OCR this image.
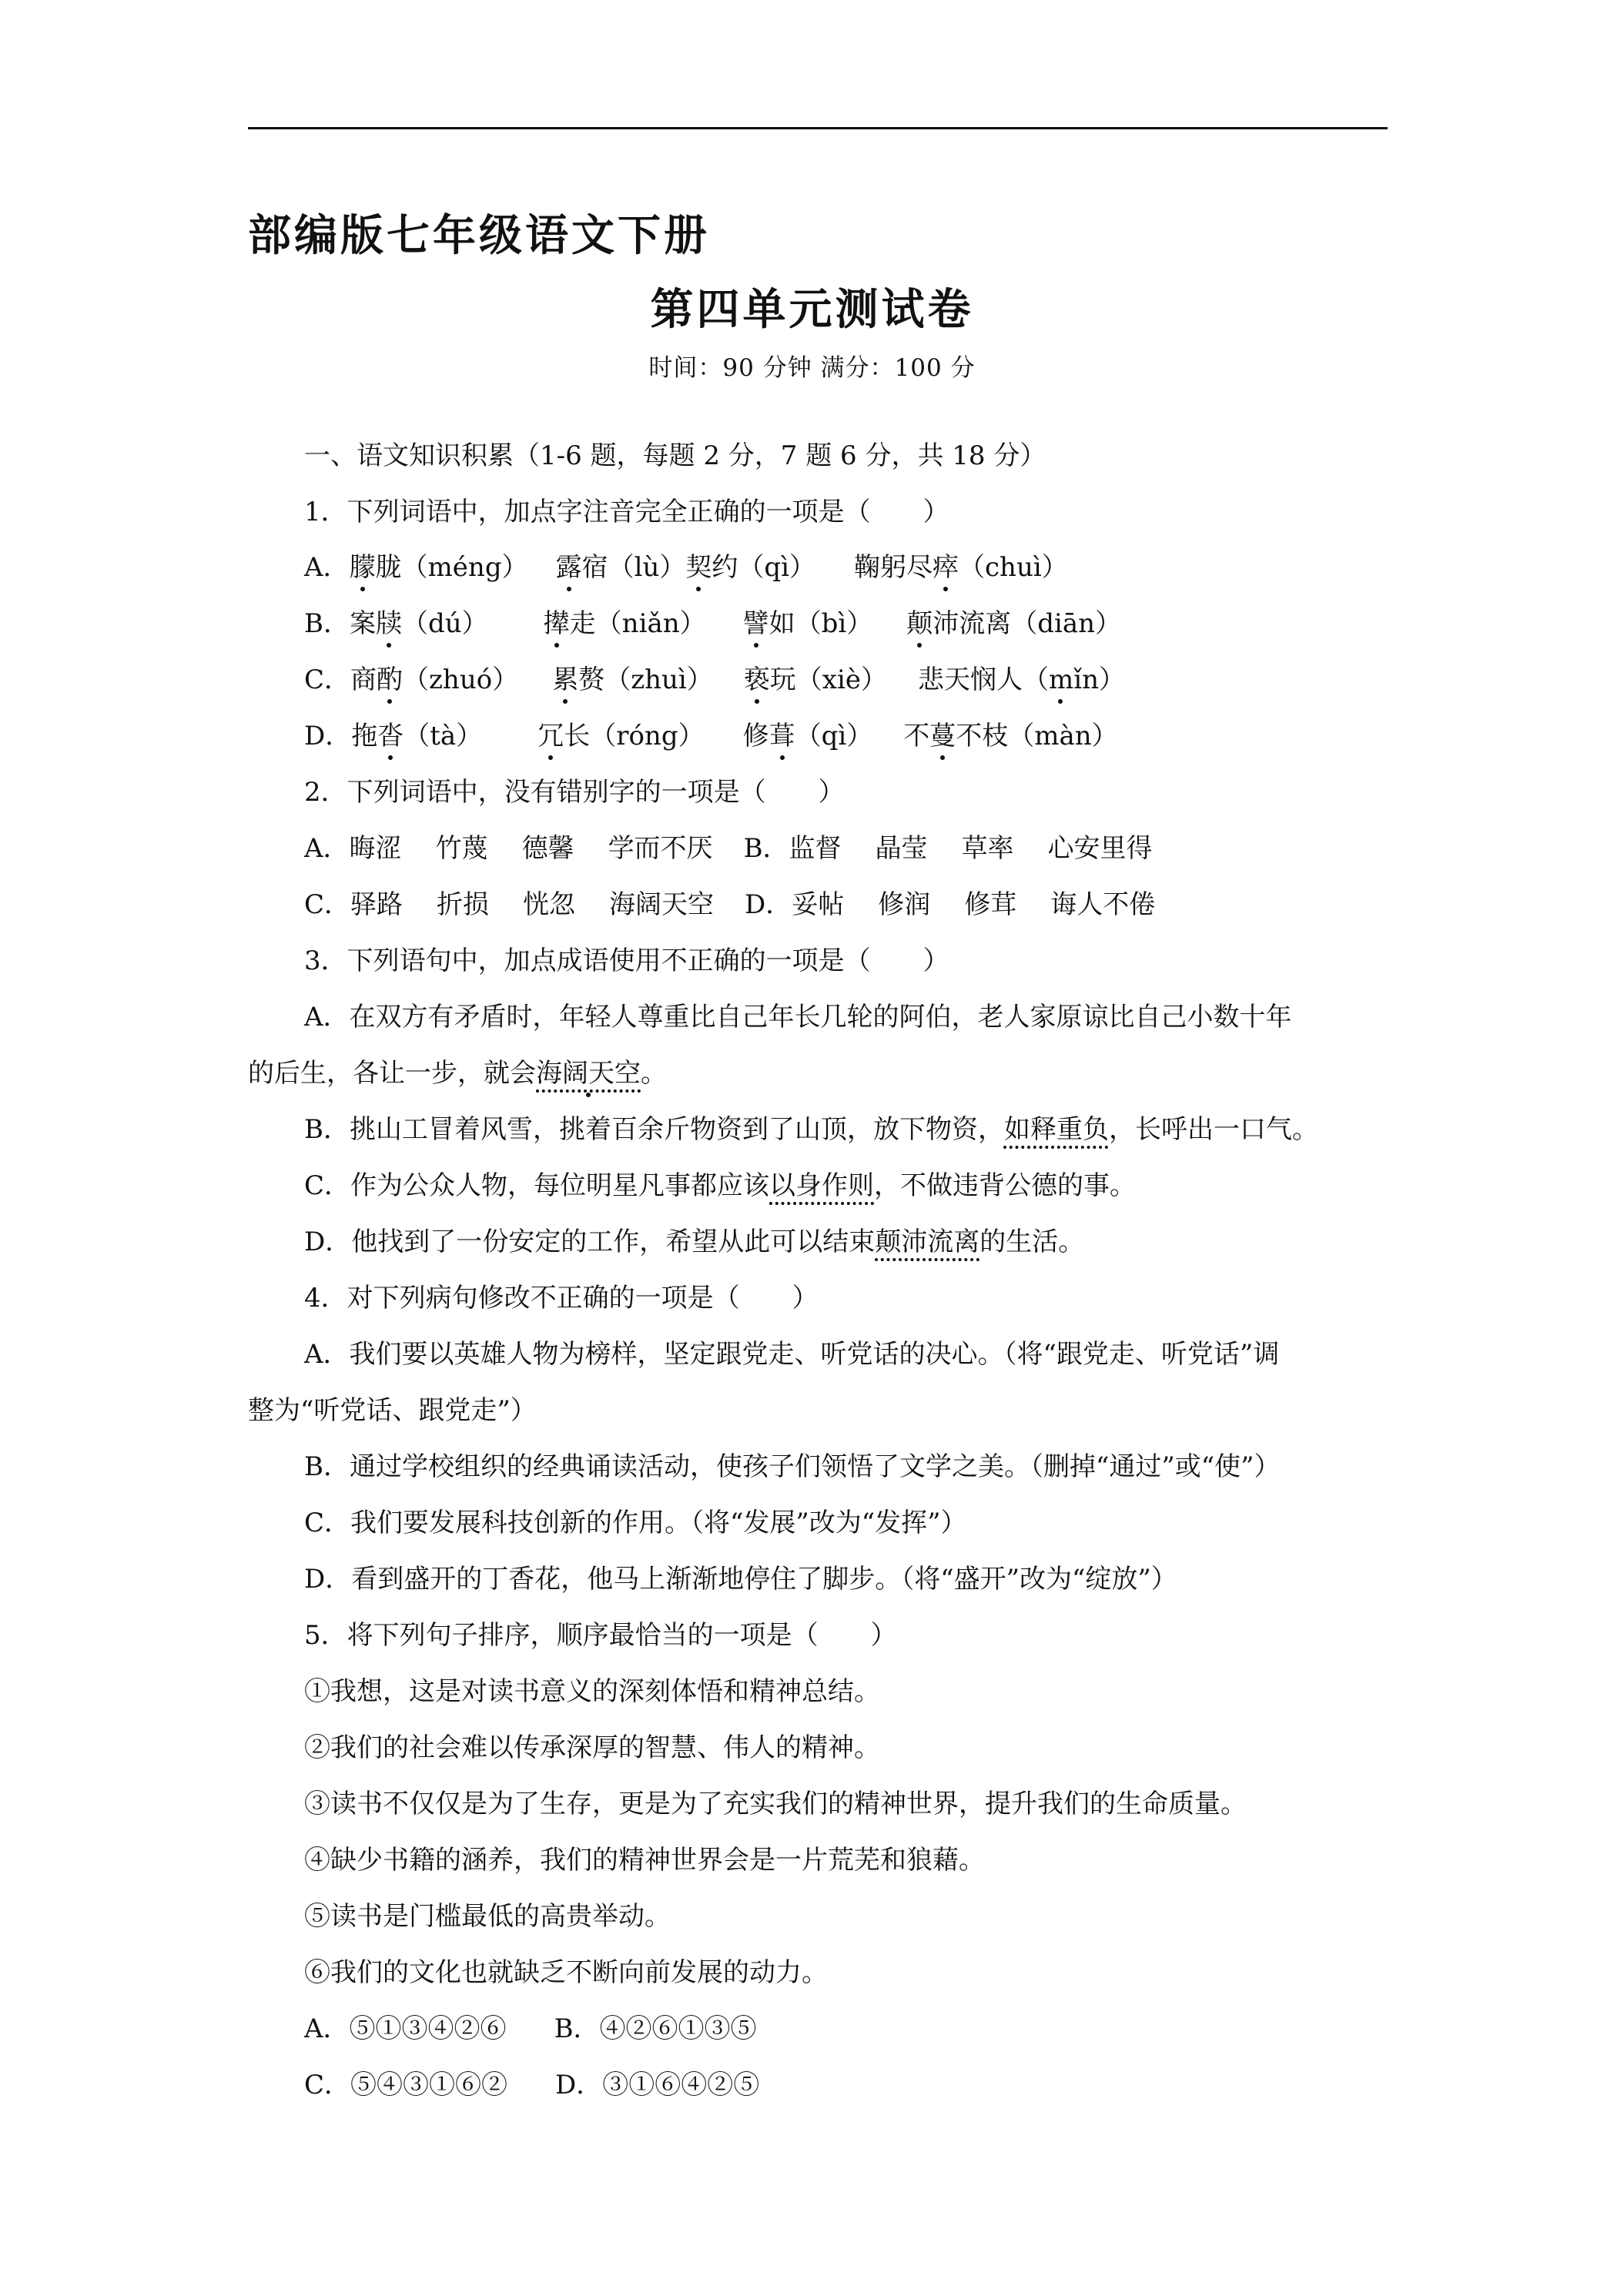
部编版七年级语文下册
第四单元测试卷
时间：90 分钟 满分：100 分
一、语文知识积累（1-6 题，每题 2 分，7 题 6 分，共 18 分）
1．下列词语中，加点字注音完全正确的一项是（　　）
A．朦胧（méng） 露宿（lù）契约（qì） 鞠躬尽瘁（chuì）
B．案牍（dú） 撵走（niǎn） 譬如（bì） 颠沛流离（diān）
C．商酌（zhuó） 累赘（zhuì） 亵玩（xiè） 悲天悯人（mǐn）
D．拖沓（tà） 冗长（róng） 修葺（qì） 不蔓不枝（màn）
2．下列词语中，没有错别字的一项是（　　）
A．晦涩 竹蔑 德馨 学而不厌 B．监督 晶莹 草率 心安里得
C．驿路 折损 恍忽 海阔天空 D．妥帖 修润 修茸 诲人不倦
3．下列语句中，加点成语使用不正确的一项是（　　）
A．在双方有矛盾时，年轻人尊重比自己年长几轮的阿伯，老人家原谅比自己小数十年
的后生，各让一步，就会海阔天空。
B．挑山工冒着风雪，挑着百余斤物资到了山顶，放下物资，如释重负，长呼出一口气。
C．作为公众人物，每位明星凡事都应该以身作则，不做违背公德的事。
D．他找到了一份安定的工作，希望从此可以结束颠沛流离的生活。
4．对下列病句修改不正确的一项是（　　）
A．我们要以英雄人物为榜样，坚定跟党走、听党话的决心。（将“跟党走、听党话”调
整为“听党话、跟党走”）
B．通过学校组织的经典诵读活动，使孩子们领悟了文学之美。（删掉“通过”或“使”）
C．我们要发展科技创新的作用。（将“发展”改为“发挥”）
D．看到盛开的丁香花，他马上渐渐地停住了脚步。（将“盛开”改为“绽放”）
5．将下列句子排序，顺序最恰当的一项是（　　）
①我想，这是对读书意义的深刻体悟和精神总结。
②我们的社会难以传承深厚的智慧、伟人的精神。
③读书不仅仅是为了生存，更是为了充实我们的精神世界，提升我们的生命质量。
④缺少书籍的涵养，我们的精神世界会是一片荒芜和狼藉。
⑤读书是门槛最低的高贵举动。
⑥我们的文化也就缺乏不断向前发展的动力。
A．⑤①③④②⑥ B．④②⑥①③⑤
C．⑤④③①⑥② D．③①⑥④②⑤
